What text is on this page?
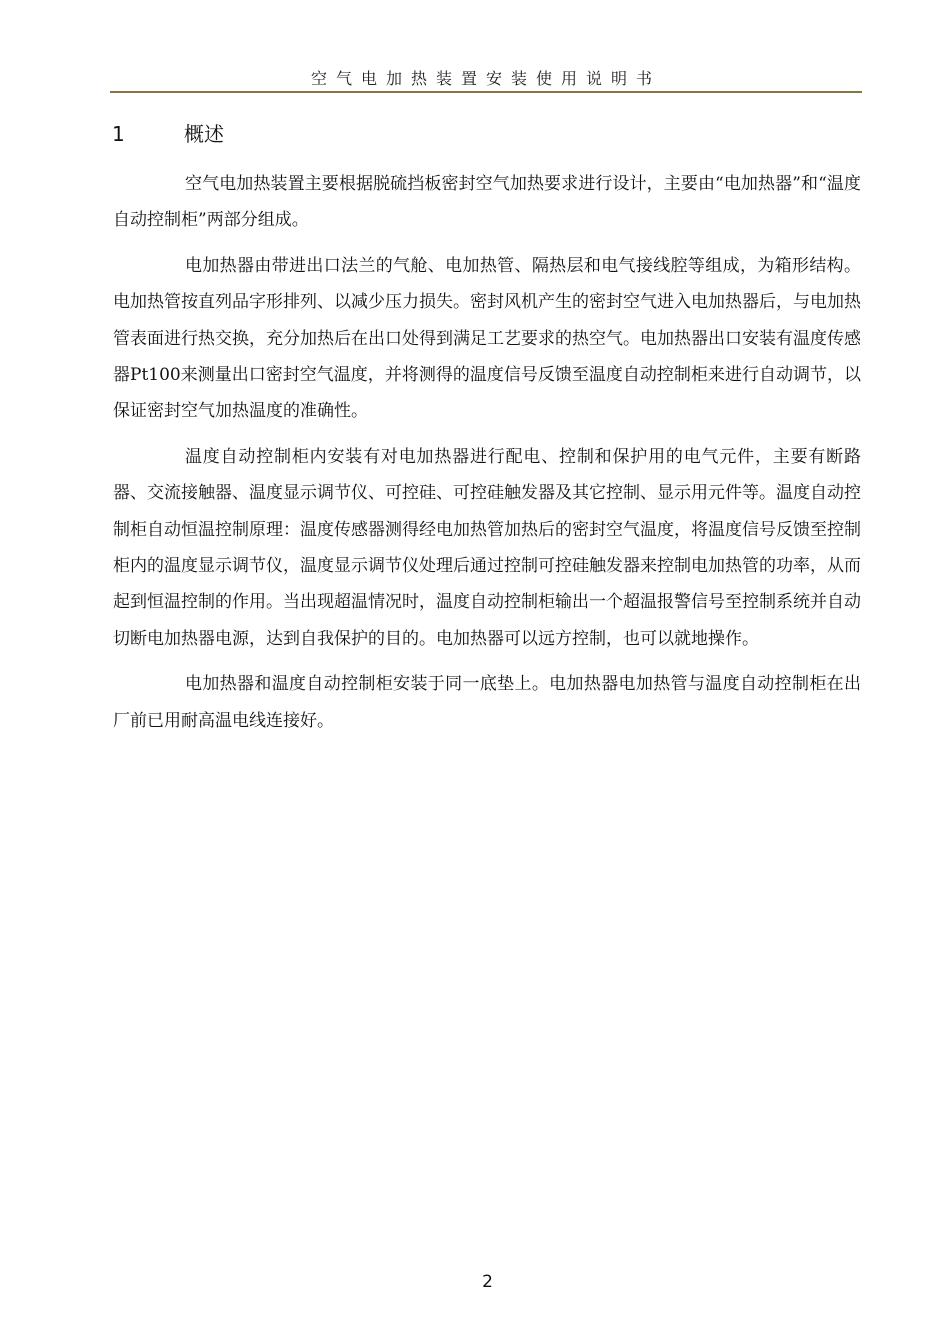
空气电加热装置安装使用说明书
1	概述

空气电加热装置主要根据脱硫挡板密封空气加热要求进行设计，主要由“电加热器”和“温度自动控制柜”两部分组成。

电加热器由带进出口法兰的气舱、电加热管、隔热层和电气接线腔等组成，为箱形结构。电加热管按直列品字形排列、以减少压力损失。密封风机产生的密封空气进入电加热器后，与电加热管表面进行热交换，充分加热后在出口处得到满足工艺要求的热空气。电加热器出口安装有温度传感器Pt100来测量出口密封空气温度，并将测得的温度信号反馈至温度自动控制柜来进行自动调节，以保证密封空气加热温度的准确性。

温度自动控制柜内安装有对电加热器进行配电、控制和保护用的电气元件，主要有断路器、交流接触器、温度显示调节仪、可控硅、可控硅触发器及其它控制、显示用元件等。温度自动控制柜自动恒温控制原理：温度传感器测得经电加热管加热后的密封空气温度，将温度信号反馈至控制柜内的温度显示调节仪，温度显示调节仪处理后通过控制可控硅触发器来控制电加热管的功率，从而起到恒温控制的作用。当出现超温情况时，温度自动控制柜输出一个超温报警信号至控制系统并自动切断电加热器电源，达到自我保护的目的。电加热器可以远方控制，也可以就地操作。

电加热器和温度自动控制柜安装于同一底垫上。电加热器电加热管与温度自动控制柜在出厂前已用耐高温电线连接好。

2
